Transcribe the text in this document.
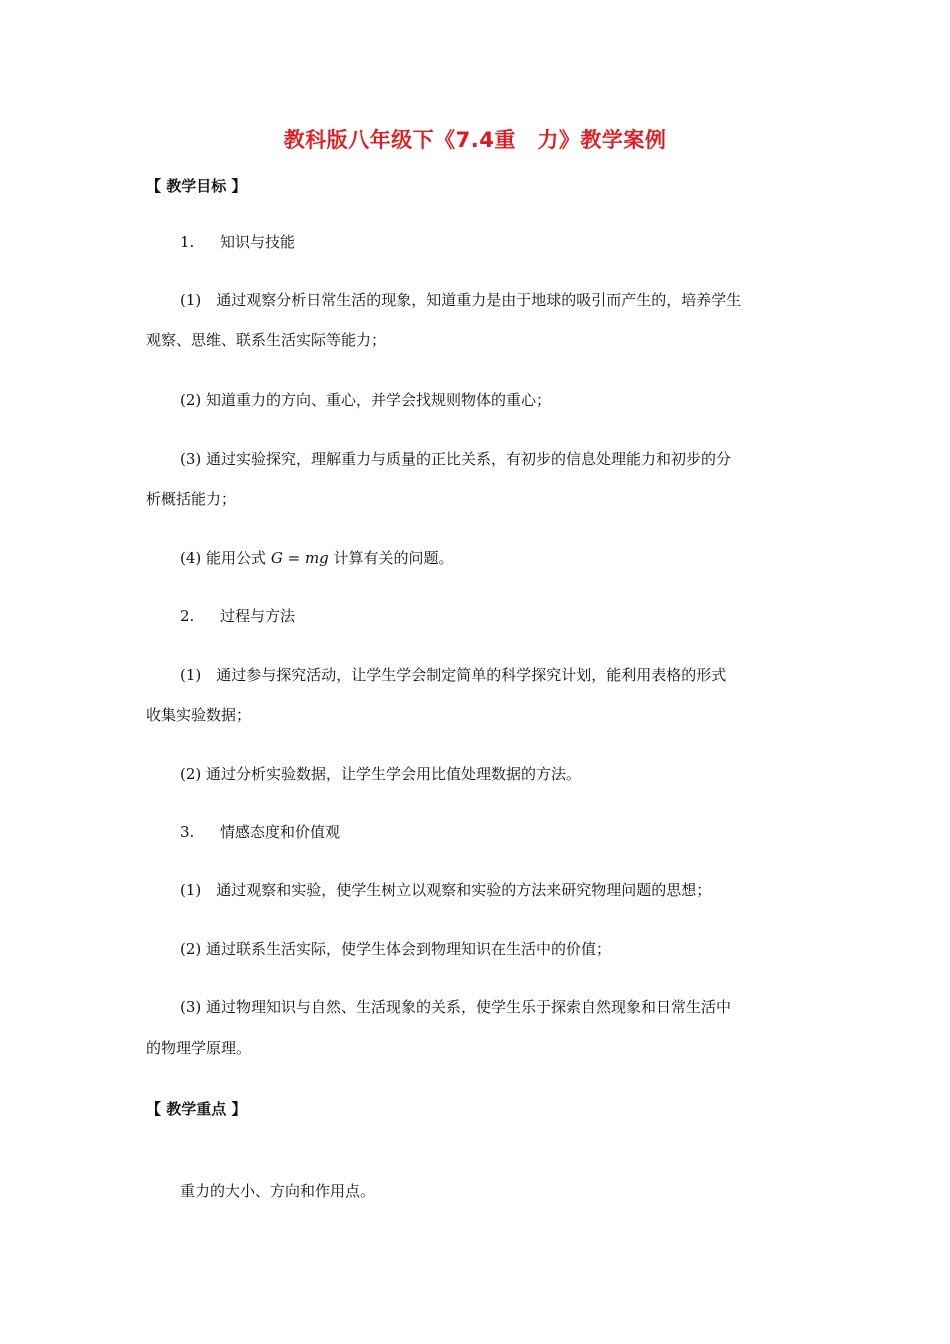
教科版八年级下《7.4重　力》教学案例
【 教学目标 】
1. 知识与技能
(1)　通过观察分析日常生活的现象，知道重力是由于地球的吸引而产生的，培养学生
观察、思维、联系生活实际等能力；
(2) 知道重力的方向、重心，并学会找规则物体的重心；
(3) 通过实验探究，理解重力与质量的正比关系，有初步的信息处理能力和初步的分
析概括能力；
(4) 能用公式 G = mg 计算有关的问题。
2. 过程与方法
(1)　通过参与探究活动，让学生学会制定简单的科学探究计划，能利用表格的形式
收集实验数据；
(2) 通过分析实验数据，让学生学会用比值处理数据的方法。
3. 情感态度和价值观
(1)　通过观察和实验，使学生树立以观察和实验的方法来研究物理问题的思想；
(2) 通过联系生活实际，使学生体会到物理知识在生活中的价值；
(3) 通过物理知识与自然、生活现象的关系，使学生乐于探索自然现象和日常生活中
的物理学原理。
【 教学重点 】
重力的大小、方向和作用点。
